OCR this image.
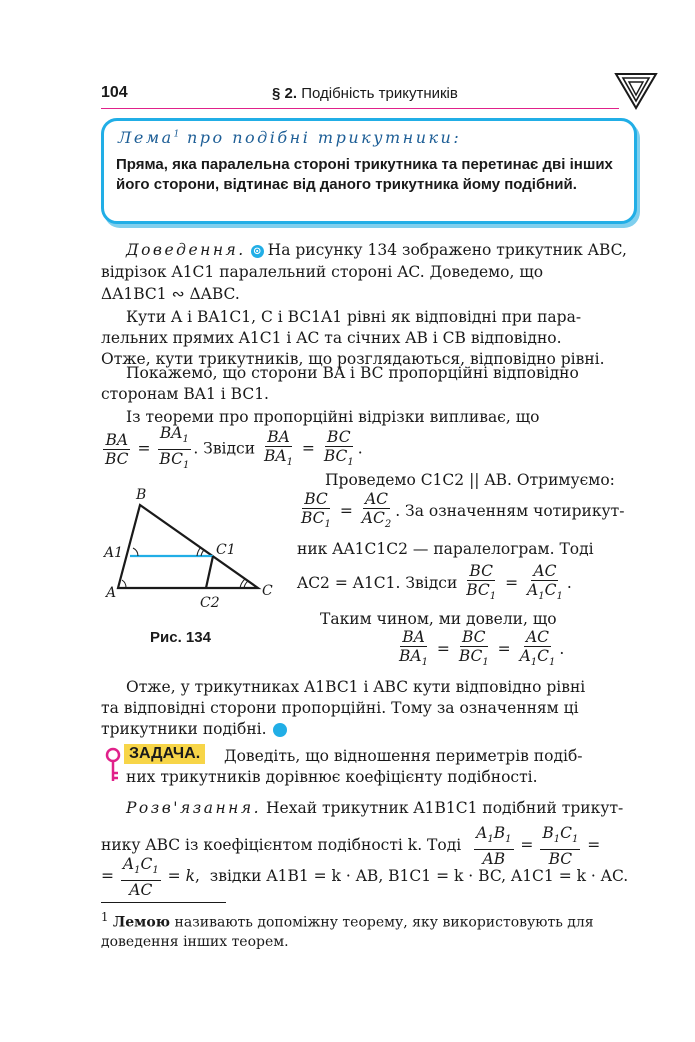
104	§ 2. Подібність трикутників
Лема$^1$ про подібні трикутники:
Пряма, яка паралельна стороні трикутника та перетинає дві інших його сторони, відтинає від даного трикутника йому подібний.
Доведення. ⊙ На рисунку 134 зображено трикутник ABC,
відрізок A1C1 паралельний стороні AC. Доведемо, що
ΔA1BC1 ∾ ΔABC.
Кути A і BA1C1, C і BC1A1 рівні як відповідні при пара-
лельних прямих A1C1 і AC та січних AB і CB відповідно.
Отже, кути трикутників, що розглядаються, відповідно рівні.
Покажемо, що сторони BA і BC пропорційні відповідно
сторонам BA1 і BC1.
Із теореми про пропорційні відрізки випливає, що
$\frac{BA}{BC} = \frac{BA_1}{BC_1}$ . Звідси $\frac{BA}{BA_1} = \frac{BC}{BC_1}$ .
B
A1	C1
A
C2
C
Рис. 134
Проведемо C1C2 || AB. Отримуємо:
$\frac{BC}{BC_1} = \frac{AC}{AC_2}$ . За означенням чотирикут-
ник AA1C1C2 — паралелограм. Тоді
AC2 = A1C1. Звідси $\frac{BC}{BC_1} = \frac{AC}{A_1C_1}$ .
Таким чином, ми довели, що
$\frac{BA}{BA_1} = \frac{BC}{BC_1} = \frac{AC}{A_1C_1}$ .
Отже, у трикутниках A1BC1 і ABC кути відповідно рівні
та відповідні сторони пропорційні. Тому за означенням ці
трикутники подібні.
ЗАДАЧА.	Доведіть, що відношення периметрів подіб-
них трикутників дорівнює коефіцієнту подібності.
Розв'язання. Нехай трикутник A1B1C1 подібний трикут-
нику ABC із коефіцієнтом подібності k. Тоді $\frac{A_1B_1}{AB} = \frac{B_1C_1}{BC}$ =
= $\frac{A_1C_1}{AC} = k$,  звідки A1B1 = k · AB, B1C1 = k · BC, A1C1 = k · AC.
$^1$ Лемою називають допоміжну теорему, яку використовують для доведення інших теорем.
